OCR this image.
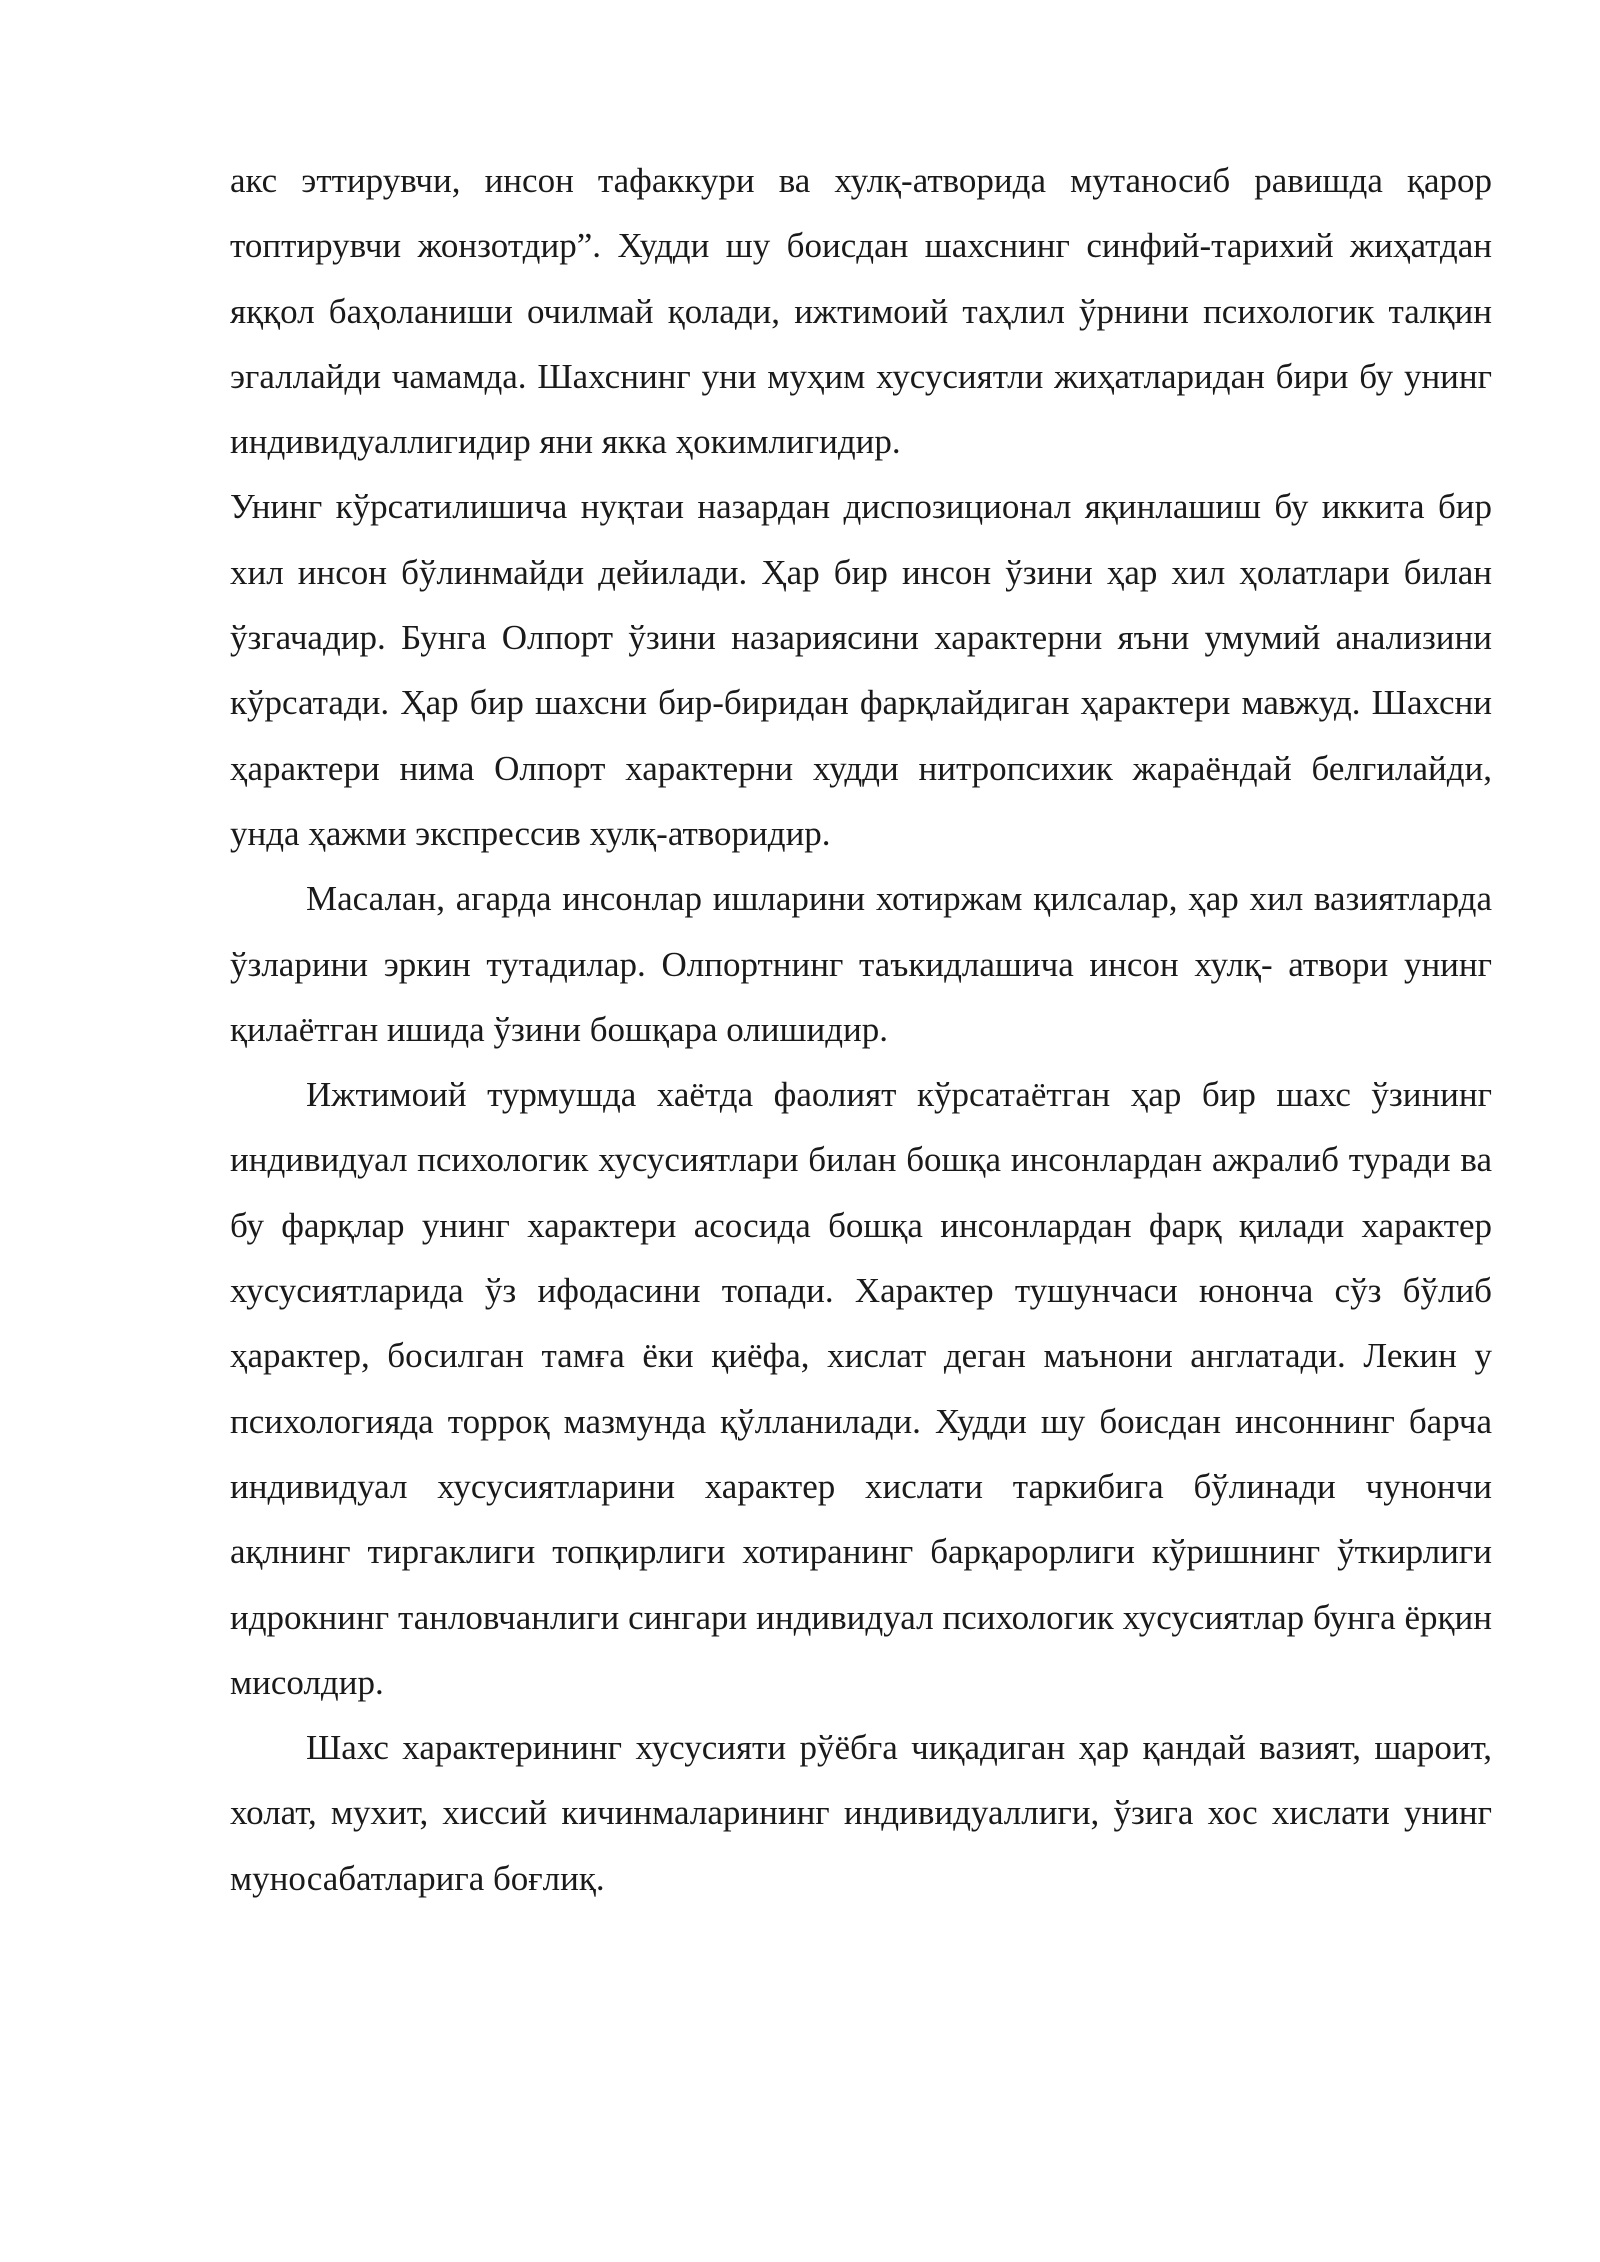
акс эттирувчи, инсон тафаккури ва хулқ-атворида мутаносиб равишда қарор топтирувчи жонзотдир”. Худди шу боисдан шахснинг синфий-тарихий жиҳатдан яққол баҳоланиши очилмай қолади, ижтимоий таҳлил ўрнини психологик талқин эгаллайди чамамда. Шахснинг уни муҳим хусусиятли жиҳатларидан бири бу унинг индивидуаллигидир яни якка ҳокимлигидир.

Унинг кўрсатилишича нуқтаи назардан диспозиционал яқинлашиш бу иккита бир хил инсон бўлинмайди дейилади. Ҳар бир инсон ўзини ҳар хил ҳолатлари билан ўзгачадир. Бунга Олпорт ўзини назариясини характерни яъни умумий анализини кўрсатади. Ҳар бир шахсни бир-биридан фарқлайдиган ҳарактери мавжуд. Шахсни ҳарактери нима Олпорт характерни худди нитропсихик жараёндай белгилайди, унда ҳажми экспрессив хулқ-атворидир.

Масалан, агарда инсонлар ишларини хотиржам қилсалар, ҳар хил вазиятларда ўзларини эркин тутадилар. Олпортнинг таъкидлашича инсон хулқ- атвори унинг қилаётган ишида ўзини бошқара олишидир.

Ижтимоий турмушда хаётда фаолият кўрсатаётган ҳар бир шахс ўзининг индивидуал психологик хусусиятлари билан бошқа инсонлардан ажралиб туради ва бу фарқлар унинг характери асосида бошқа инсонлардан фарқ қилади характер хусусиятларида ўз ифодасини топади. Характер тушунчаси юнонча сўз бўлиб ҳарактер, босилган тамға ёки қиёфа, хислат деган маънони англатади. Лекин у психологияда торроқ мазмунда қўлланилади. Худди шу боисдан инсоннинг барча индивидуал хусусиятларини характер хислати таркибига бўлинади чунончи ақлнинг тиргаклиги топқирлиги хотиранинг барқарорлиги кўришнинг ўткирлиги идрокнинг танловчанлиги сингари индивидуал психологик хусусиятлар бунга ёрқин мисолдир.

Шахс характерининг хусусияти рўёбга чиқадиган ҳар қандай вазият, шароит, холат, мухит, хиссий кичинмаларининг индивидуаллиги, ўзига хос хислати унинг муносабатларига боғлиқ.
